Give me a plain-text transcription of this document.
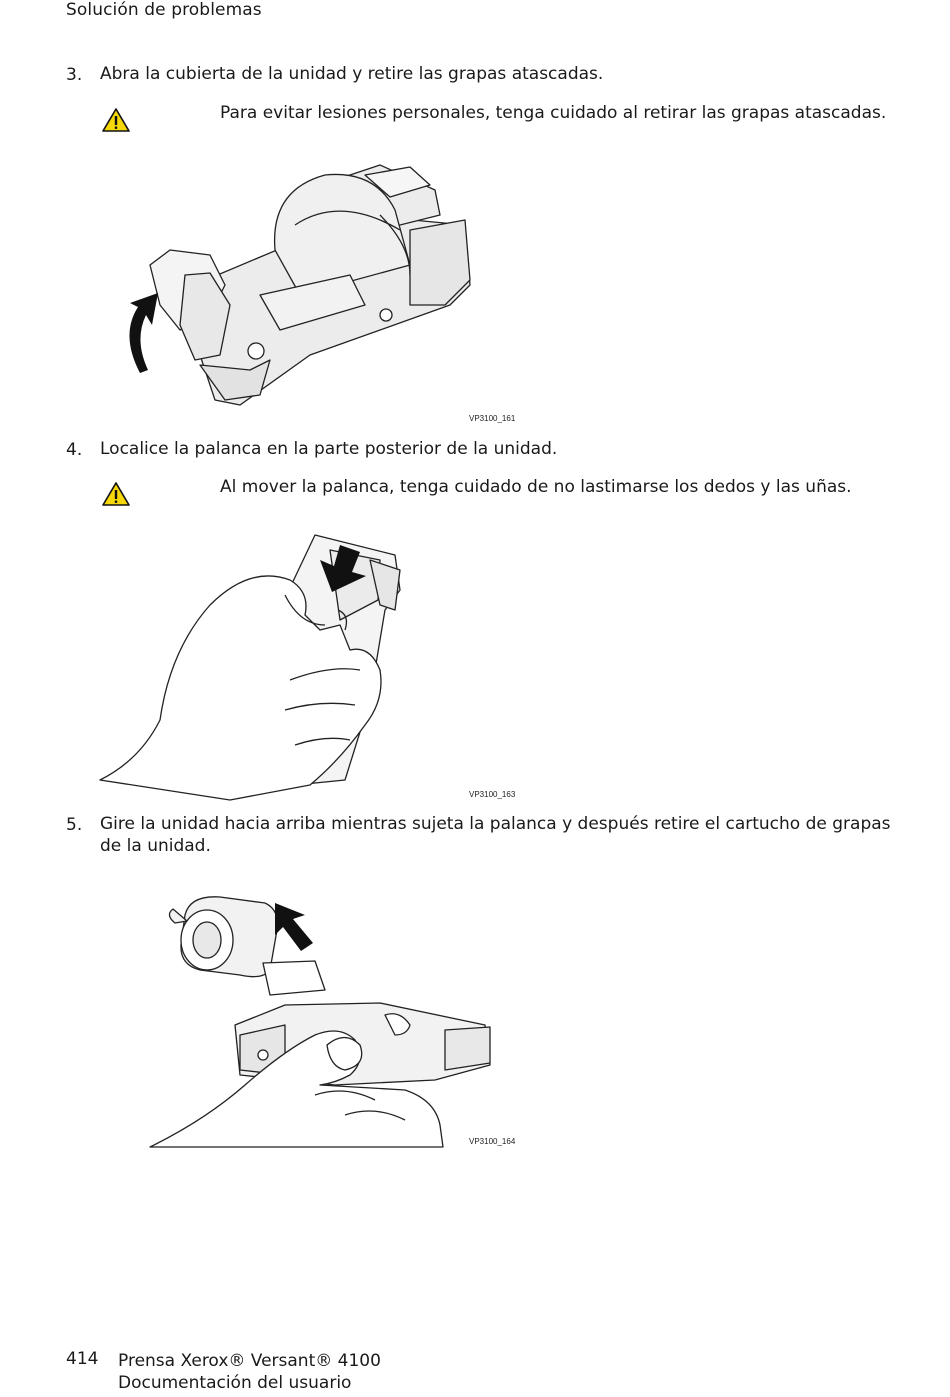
Solución de problemas
3. Abra la cubierta de la unidad y retire las grapas atascadas.
Para evitar lesiones personales, tenga cuidado al retirar las grapas atascadas.
VP3100_161
4. Localice la palanca en la parte posterior de la unidad.
Al mover la palanca, tenga cuidado de no lastimarse los dedos y las uñas.
VP3100_163
5. Gire la unidad hacia arriba mientras sujeta la palanca y después retire el cartucho de grapas
de la unidad.
VP3100_164
414 Prensa Xerox® Versant® 4100
Documentación del usuario
